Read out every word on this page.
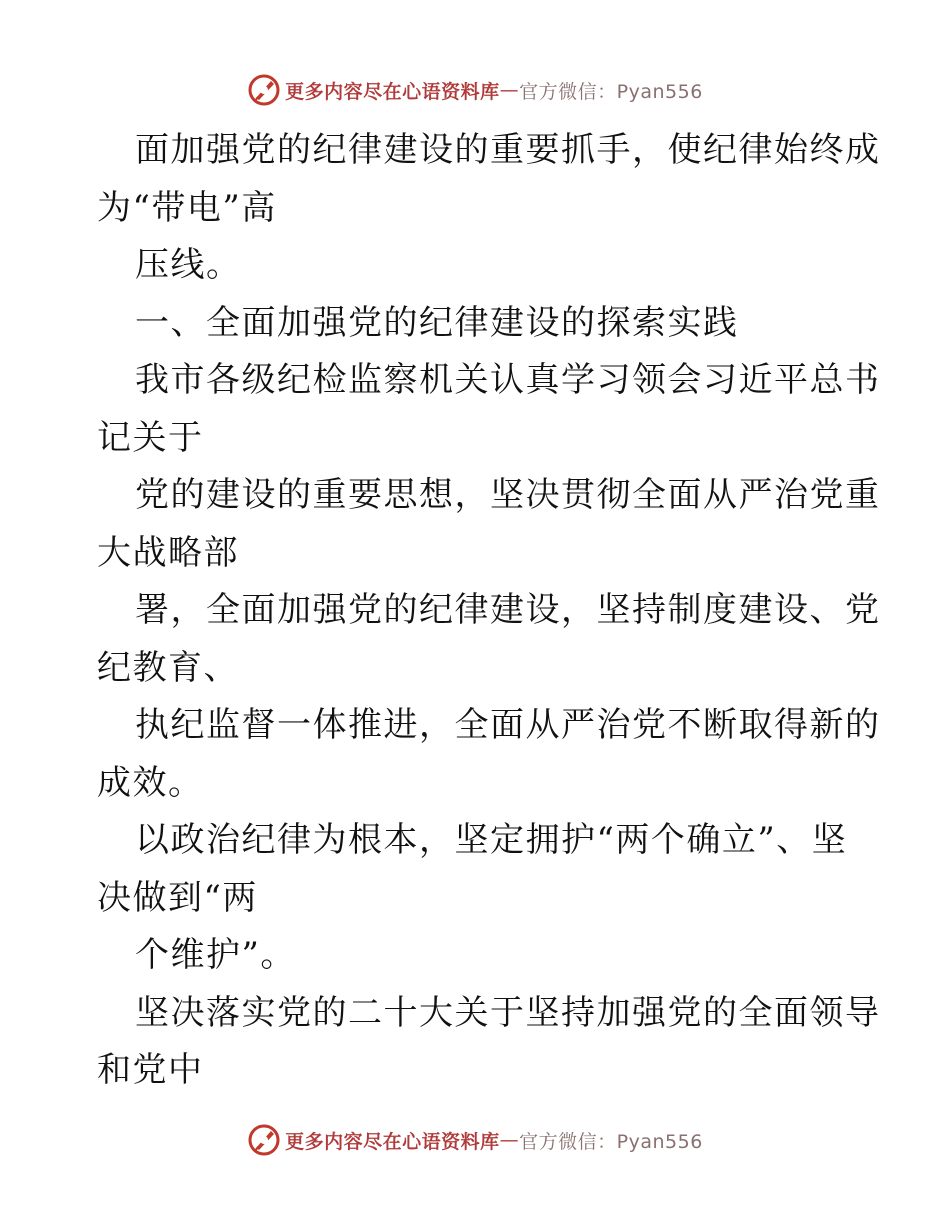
更多内容尽在心语资料库 — 官方微信：Pyan556
面加强党的纪律建设的重要抓手，使纪律始终成
为“带电”高
压线。
一、全面加强党的纪律建设的探索实践
我市各级纪检监察机关认真学习领会习近平总书
记关于
党的建设的重要思想，坚决贯彻全面从严治党重
大战略部
署，全面加强党的纪律建设，坚持制度建设、党
纪教育、
执纪监督一体推进，全面从严治党不断取得新的
成效。
以政治纪律为根本，坚定拥护“两个确立”、坚
决做到“两
个维护”。
坚决落实党的二十大关于坚持加强党的全面领导
和党中
更多内容尽在心语资料库 — 官方微信：Pyan556
